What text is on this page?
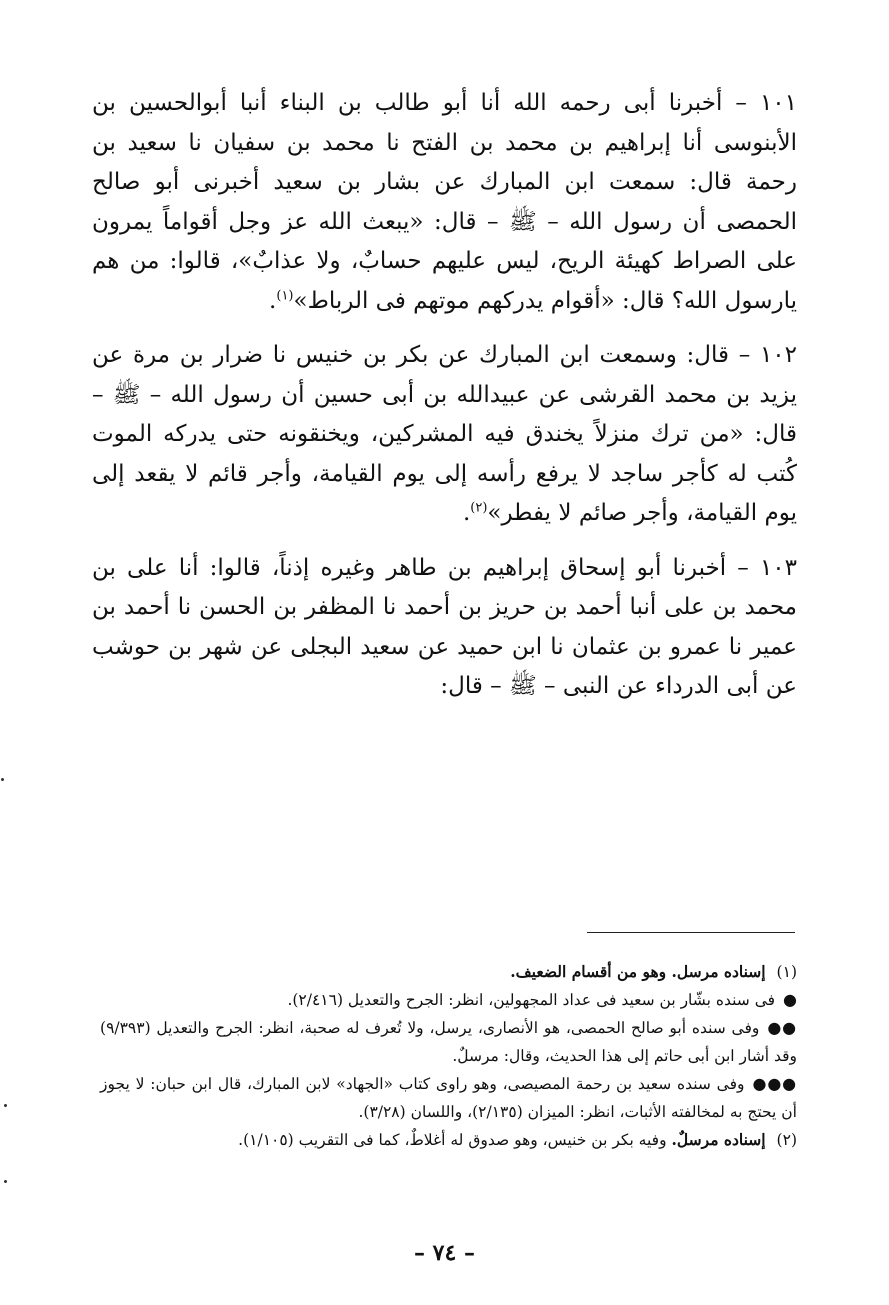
١٠١ – أخبرنا أبى رحمه الله أنا أبو طالب بن البناء أنبا أبوالحسين بن الأبنوسى أنا إبراهيم بن محمد بن الفتح نا محمد بن سفيان نا سعيد بن رحمة قال: سمعت ابن المبارك عن بشار بن سعيد أخبرنى أبو صالح الحمصى أن رسول الله – ﷺ – قال: «يبعث الله عز وجل أقواماً يمرون على الصراط كهيئة الريح، ليس عليهم حسابٌ، ولا عذابٌ»، قالوا: من هم يارسول الله؟ قال: «أقوام يدركهم موتهم فى الرباط»$^{(١)}$.

١٠٢ – قال: وسمعت ابن المبارك عن بكر بن خنيس نا ضرار بن مرة عن يزيد بن محمد القرشى عن عبيدالله بن أبى حسين أن رسول الله – ﷺ – قال: «من ترك منزلاً يخندق فيه المشركين، ويخنقونه حتى يدركه الموت كُتب له كأجر ساجد لا يرفع رأسه إلى يوم القيامة، وأجر قائم لا يقعد إلى يوم القيامة، وأجر صائم لا يفطر»$^{(٢)}$.

١٠٣ – أخبرنا أبو إسحاق إبراهيم بن طاهر وغيره إذناً، قالوا: أنا على بن محمد بن على أنبا أحمد بن حريز بن أحمد نا المظفر بن الحسن نا أحمد بن عمير نا عمرو بن عثمان نا ابن حميد عن سعيد البجلى عن شهر بن حوشب عن أبى الدرداء عن النبى – ﷺ – قال:

(١) إسناده مرسل. وهو من أقسام الضعيف.

●فى سنده بشّار بن سعيد فى عداد المجهولين، انظر: الجرح والتعديل (٢/٤١٦).

●●وفى سنده أبو صالح الحمصى، هو الأنصارى، يرسل، ولا تُعرف له صحبة، انظر: الجرح والتعديل (٩/٣٩٣) وقد أشار ابن أبى حاتم إلى هذا الحديث، وقال: مرسلٌ.

●●●وفى سنده سعيد بن رحمة المصيصى، وهو راوى كتاب «الجهاد» لابن المبارك، قال ابن حبان: لا يجوز أن يحتج به لمخالفته الأثبات، انظر: الميزان (٢/١٣٥)، واللسان (٣/٢٨).

(٢) إسناده مرسلٌ. وفيه بكر بن خنيس، وهو صدوق له أغلاطٌ، كما فى التقريب (١/١٠٥).

– ٧٤ –
